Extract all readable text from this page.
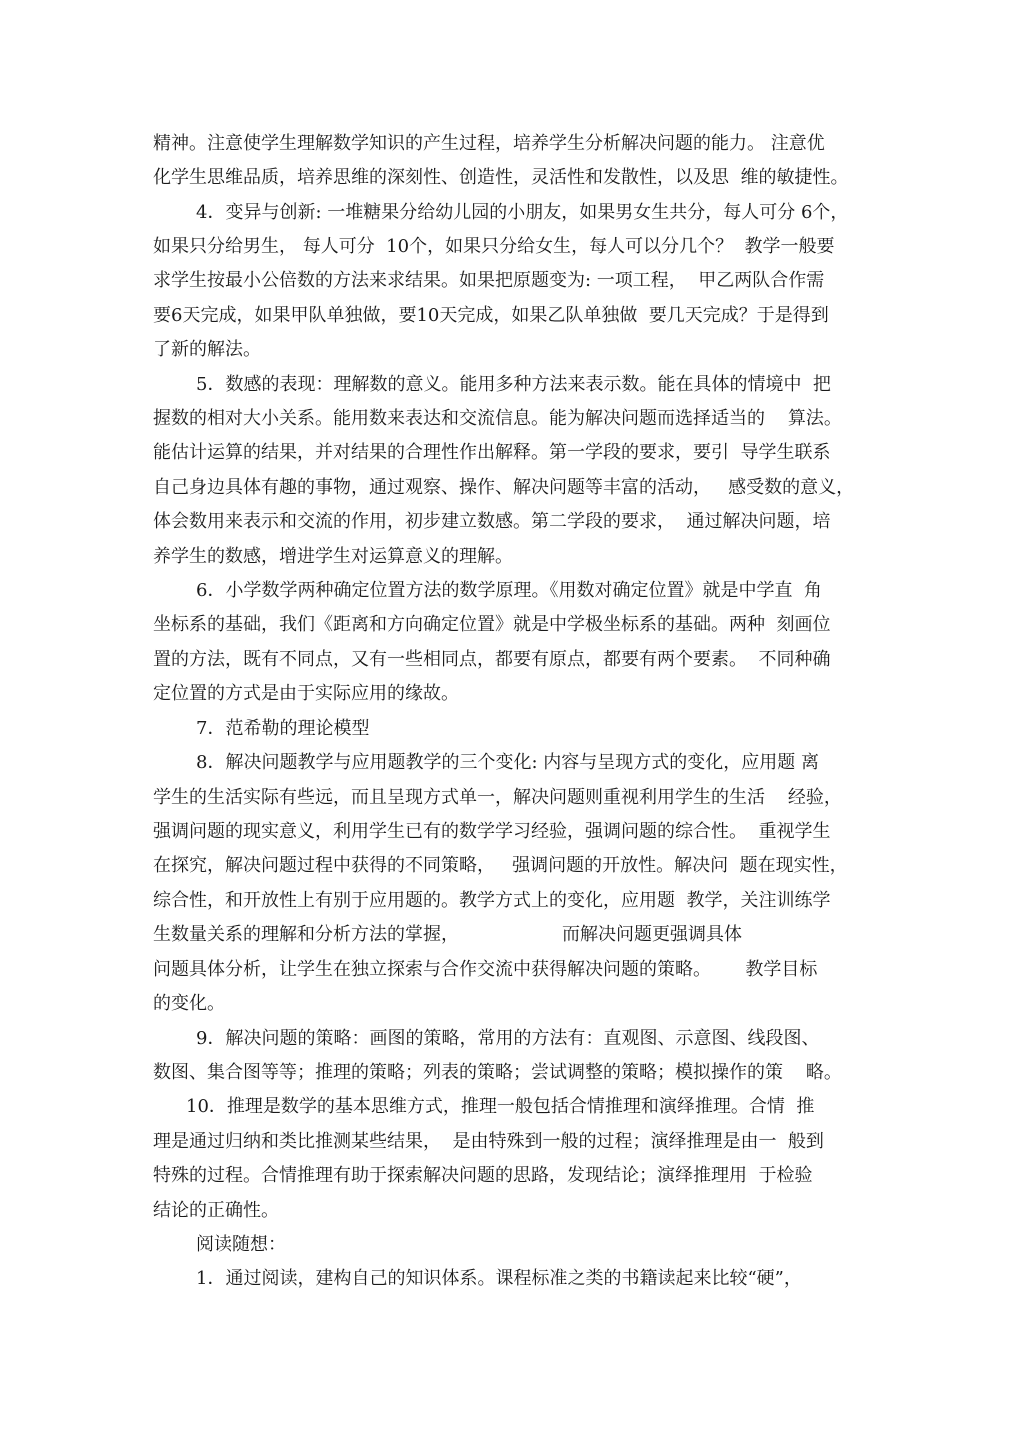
精神。注意使学生理解数学知识的产生过程，培养学生分析解决问题的能力。 注意优
化学生思维品质，培养思维的深刻性、创造性，灵活性和发散性，以及思  维的敏捷性。
4．变异与创新: 一堆糖果分给幼儿园的小朋友，如果男女生共分，每人可分 6个，
如果只分给男生， 每人可分  10个，如果只分给女生，每人可以分几个？  教学一般要
求学生按最小公倍数的方法来求结果。如果把原题变为: 一项工程，  甲乙两队合作需
要6天完成，如果甲队单独做，要10天完成，如果乙队单独做  要几天完成？于是得到
了新的解法。
5．数感的表现：理解数的意义。能用多种方法来表示数。能在具体的情境中  把
握数的相对大小关系。能用数来表达和交流信息。能为解决问题而选择适当的    算法。
能估计运算的结果，并对结果的合理性作出解释。第一学段的要求，要引  导学生联系
自己身边具体有趣的事物，通过观察、操作、解决问题等丰富的活动，   感受数的意义，
体会数用来表示和交流的作用，初步建立数感。第二学段的要求，  通过解决问题，培
养学生的数感，增进学生对运算意义的理解。
6．小学数学两种确定位置方法的数学原理。《用数对确定位置》就是中学直  角
坐标系的基础，我们《距离和方向确定位置》就是中学极坐标系的基础。两种  刻画位
置的方法，既有不同点，又有一些相同点，都要有原点，都要有两个要素。  不同种确
定位置的方式是由于实际应用的缘故。
7．范希勒的理论模型
8．解决问题教学与应用题教学的三个变化: 内容与呈现方式的变化，应用题 离
学生的生活实际有些远，而且呈现方式单一，解决问题则重视利用学生的生活    经验，
强调问题的现实意义，利用学生已有的数学学习经验，强调问题的综合性。  重视学生
在探究，解决问题过程中获得的不同策略，   强调问题的开放性。解决问  题在现实性，
综合性，和开放性上有别于应用题的。教学方式上的变化，应用题  教学，关注训练学
生数量关系的理解和分析方法的掌握，                  而解决问题更强调具体
问题具体分析，让学生在独立探索与合作交流中获得解决问题的策略。      教学目标
的变化。
9．解决问题的策略：画图的策略，常用的方法有：直观图、示意图、线段图、
数图、集合图等等；推理的策略；列表的策略；尝试调整的策略；模拟操作的策    略。
10．推理是数学的基本思维方式，推理一般包括合情推理和演绎推理。合情  推
理是通过归纳和类比推测某些结果，  是由特殊到一般的过程；演绎推理是由一  般到
特殊的过程。合情推理有助于探索解决问题的思路，发现结论；演绎推理用  于检验
结论的正确性。
阅读随想：
1．通过阅读，建构自己的知识体系。课程标准之类的书籍读起来比较“硬”，
